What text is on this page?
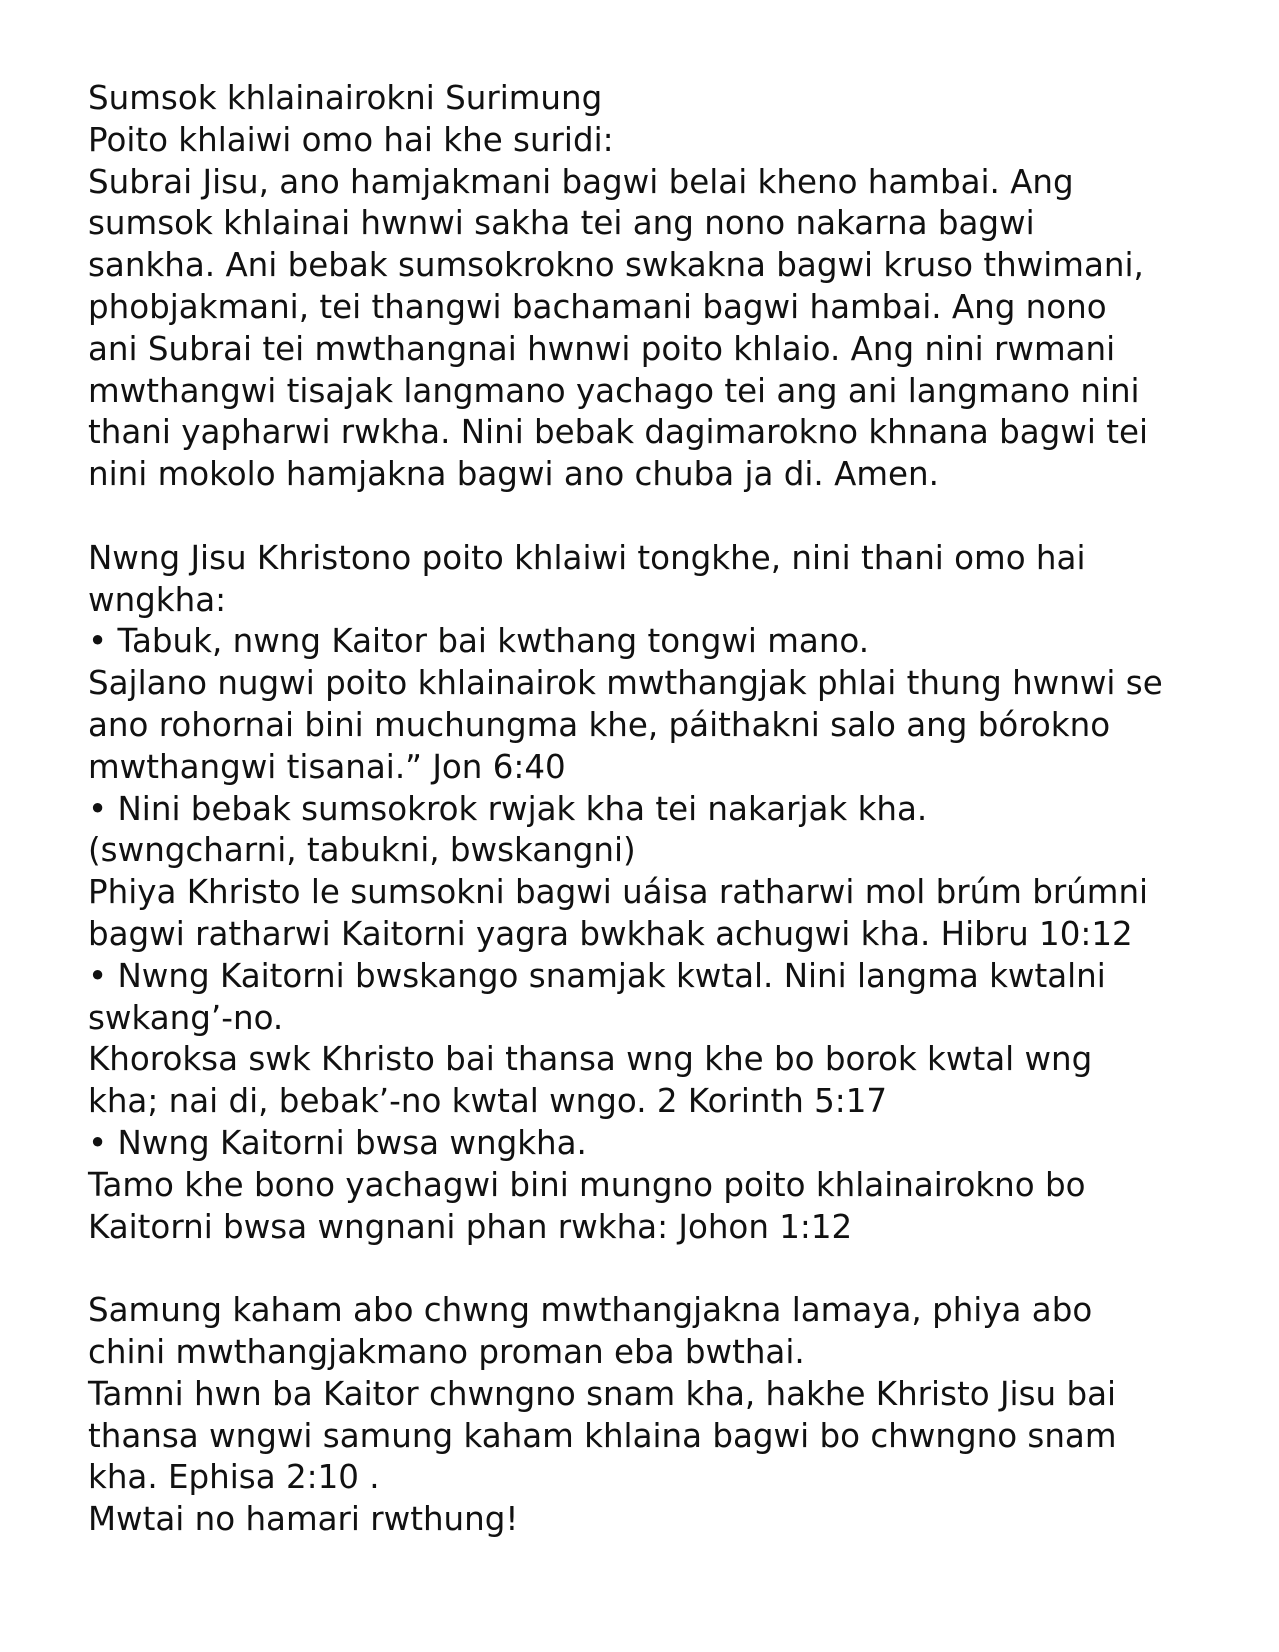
Sumsok khlainairokni Surimung
Poito khlaiwi omo hai khe suridi:
Subrai Jisu, ano hamjakmani bagwi belai kheno hambai. Ang
sumsok khlainai hwnwi sakha tei ang nono nakarna bagwi
sankha. Ani bebak sumsokrokno swkakna bagwi kruso thwimani,
phobjakmani, tei thangwi bachamani bagwi hambai. Ang nono
ani Subrai tei mwthangnai hwnwi poito khlaio. Ang nini rwmani
mwthangwi tisajak langmano yachago tei ang ani langmano nini
thani yapharwi rwkha. Nini bebak dagimarokno khnana bagwi tei
nini mokolo hamjakna bagwi ano chuba ja di. Amen.
Nwng Jisu Khristono poito khlaiwi tongkhe, nini thani omo hai
wngkha:
• Tabuk, nwng Kaitor bai kwthang tongwi mano.
Sajlano nugwi poito khlainairok mwthangjak phlai thung hwnwi se
ano rohornai bini muchungma khe, páithakni salo ang bórokno
mwthangwi tisanai.” Jon 6:40
• Nini bebak sumsokrok rwjak kha tei nakarjak kha.
(swngcharni, tabukni, bwskangni)
Phiya Khristo le sumsokni bagwi uáisa ratharwi mol brúm brúmni
bagwi ratharwi Kaitorni yagra bwkhak achugwi kha. Hibru 10:12
• Nwng Kaitorni bwskango snamjak kwtal. Nini langma kwtalni
swkang’-no.
Khoroksa swk Khristo bai thansa wng khe bo borok kwtal wng
kha; nai di, bebak’-no kwtal wngo. 2 Korinth 5:17
• Nwng Kaitorni bwsa wngkha.
Tamo khe bono yachagwi bini mungno poito khlainairokno bo
Kaitorni bwsa wngnani phan rwkha: Johon 1:12
Samung kaham abo chwng mwthangjakna lamaya, phiya abo
chini mwthangjakmano proman eba bwthai.
Tamni hwn ba Kaitor chwngno snam kha, hakhe Khristo Jisu bai
thansa wngwi samung kaham khlaina bagwi bo chwngno snam
kha. Ephisa 2:10 .
Mwtai no hamari rwthung!
